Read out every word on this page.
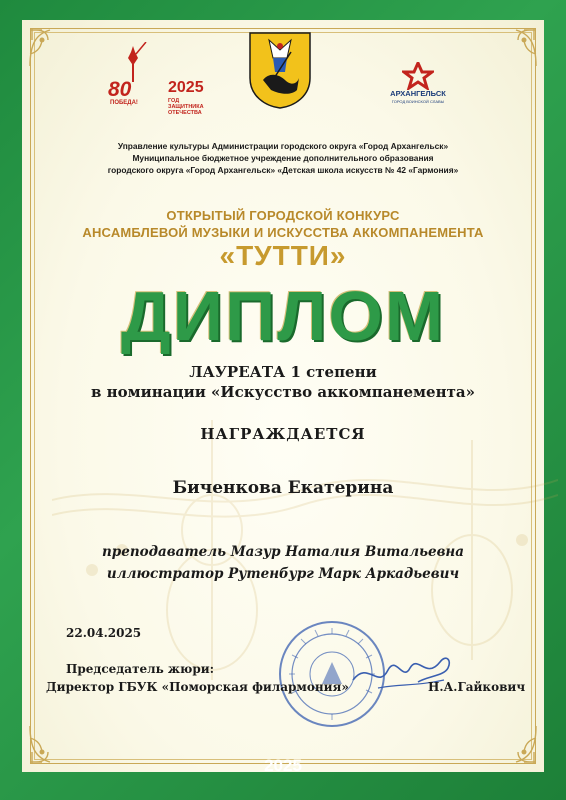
80
ПОБЕДА!
2025
ГОД ЗАЩИТНИКА ОТЕЧЕСТВА
АРХАНГЕЛЬСК
ГОРОД ВОИНСКОЙ СЛАВЫ
Управление культуры Администрации городского округа «Город Архангельск»
Муниципальное бюджетное учреждение дополнительного образования
городского округа «Город Архангельск» «Детская школа искусств № 42 «Гармония»
ОТКРЫТЫЙ ГОРОДСКОЙ КОНКУРС
АНСАМБЛЕВОЙ МУЗЫКИ И ИСКУССТВА АККОМПАНЕМЕНТА
«ТУТТИ»
ДИПЛОМ
ЛАУРЕАТА 1 степени
в номинации «Искусство аккомпанемента»
НАГРАЖДАЕТСЯ
Биченкова Екатерина
преподаватель Мазур Наталия Витальевна
иллюстратор Рутенбург Марк Аркадьевич
22.04.2025
Председатель жюри:
Директор ГБУК «Поморская филармония»	Н.А.Гайкович
2025
